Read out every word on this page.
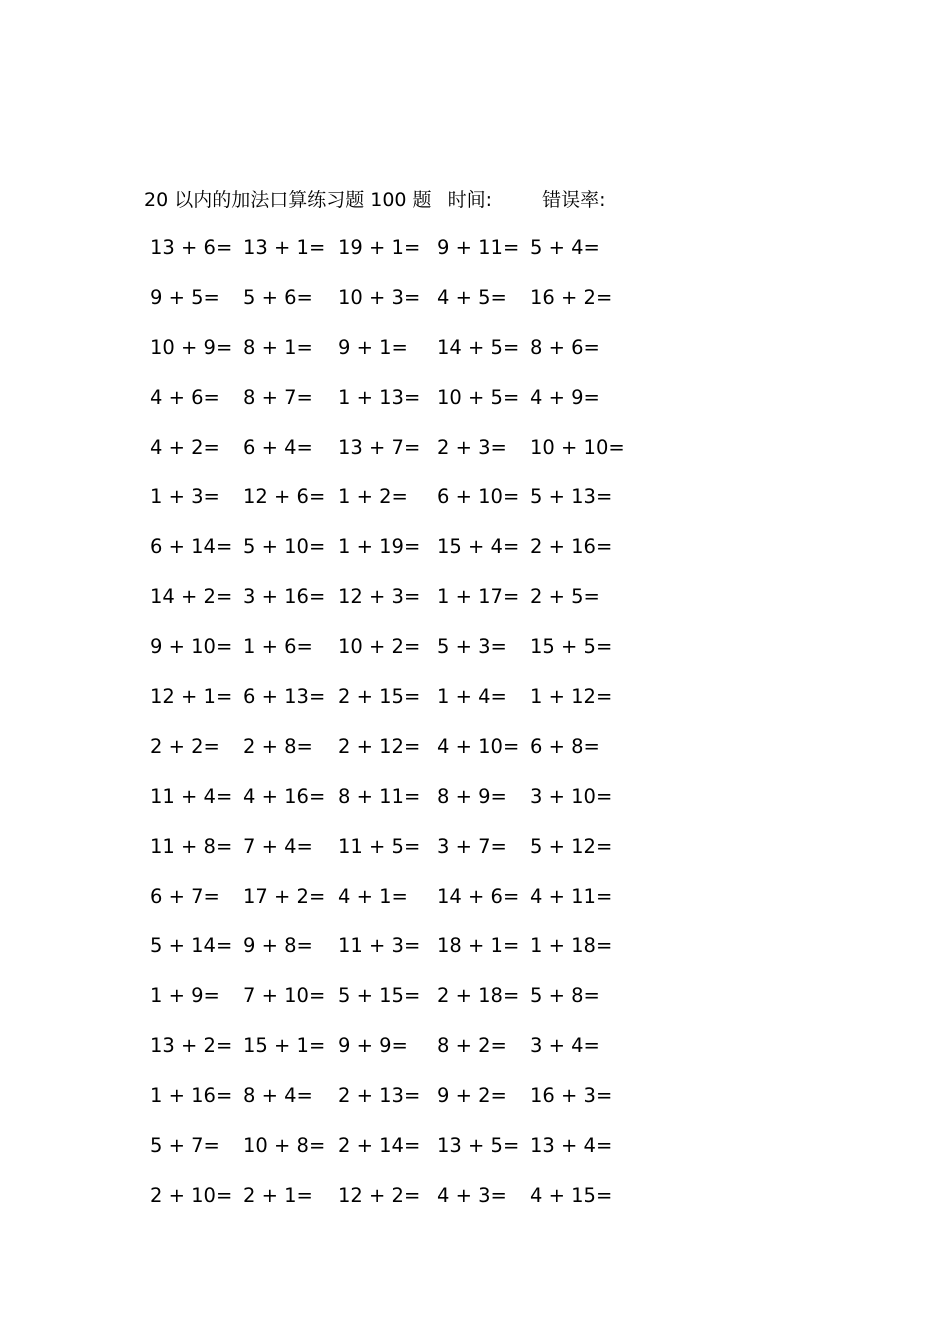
20 以内的加法口算练习题 100 题 时间:	错误率:
13 + 6= 13 + 1= 19 + 1= 9 + 11= 5 + 4=
9 + 5= 5 + 6= 10 + 3= 4 + 5= 16 + 2=
10 + 9= 8 + 1= 9 + 1= 14 + 5= 8 + 6=
4 + 6= 8 + 7= 1 + 13= 10 + 5= 4 + 9=
4 + 2= 6 + 4= 13 + 7= 2 + 3= 10 + 10=
1 + 3= 12 + 6= 1 + 2= 6 + 10= 5 + 13=
6 + 14= 5 + 10= 1 + 19= 15 + 4= 2 + 16=
14 + 2= 3 + 16= 12 + 3= 1 + 17= 2 + 5=
9 + 10= 1 + 6= 10 + 2= 5 + 3= 15 + 5=
12 + 1= 6 + 13= 2 + 15= 1 + 4= 1 + 12=
2 + 2= 2 + 8= 2 + 12= 4 + 10= 6 + 8=
11 + 4= 4 + 16= 8 + 11= 8 + 9= 3 + 10=
11 + 8= 7 + 4= 11 + 5= 3 + 7= 5 + 12=
6 + 7= 17 + 2= 4 + 1= 14 + 6= 4 + 11=
5 + 14= 9 + 8= 11 + 3= 18 + 1= 1 + 18=
1 + 9= 7 + 10= 5 + 15= 2 + 18= 5 + 8=
13 + 2= 15 + 1= 9 + 9= 8 + 2= 3 + 4=
1 + 16= 8 + 4= 2 + 13= 9 + 2= 16 + 3=
5 + 7= 10 + 8= 2 + 14= 13 + 5= 13 + 4=
2 + 10= 2 + 1= 12 + 2= 4 + 3= 4 + 15=
